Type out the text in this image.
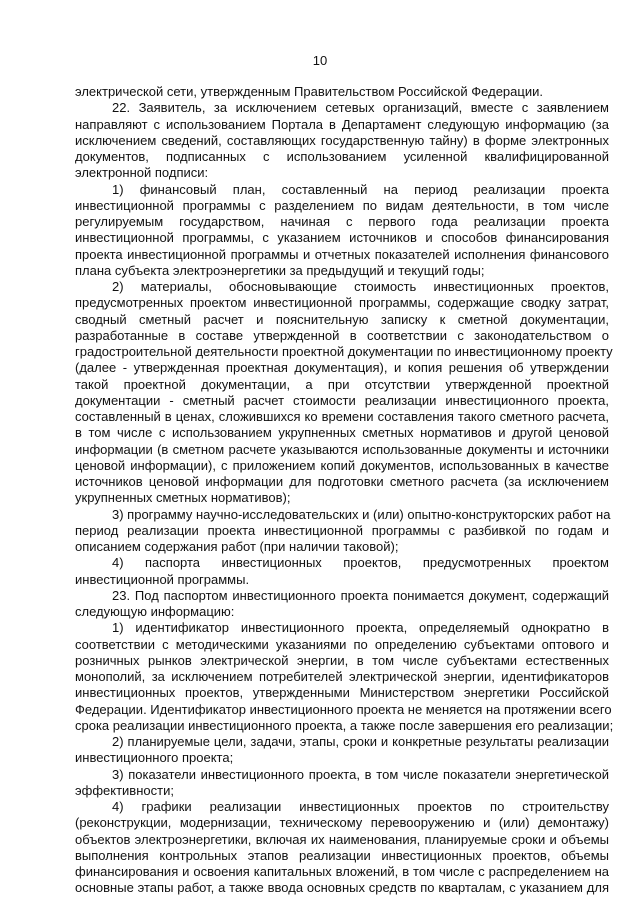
10
электрической сети, утвержденным Правительством Российской Федерации.
22. Заявитель, за исключением сетевых организаций, вместе с заявлением
направляют с использованием Портала в Департамент следующую информацию (за
исключением сведений, составляющих государственную тайну) в форме электронных
документов, подписанных с использованием усиленной квалифицированной
электронной подписи:
1) финансовый план, составленный на период реализации проекта
инвестиционной программы с разделением по видам деятельности, в том числе
регулируемым государством, начиная с первого года реализации проекта
инвестиционной программы, с указанием источников и способов финансирования
проекта инвестиционной программы и отчетных показателей исполнения финансового
плана субъекта электроэнергетики за предыдущий и текущий годы;
2) материалы, обосновывающие стоимость инвестиционных проектов,
предусмотренных проектом инвестиционной программы, содержащие сводку затрат,
сводный сметный расчет и пояснительную записку к сметной документации,
разработанные в составе утвержденной в соответствии с законодательством о
градостроительной деятельности проектной документации по инвестиционному проекту
(далее - утвержденная проектная документация), и копия решения об утверждении
такой проектной документации, а при отсутствии утвержденной проектной
документации - сметный расчет стоимости реализации инвестиционного проекта,
составленный в ценах, сложившихся ко времени составления такого сметного расчета,
в том числе с использованием укрупненных сметных нормативов и другой ценовой
информации (в сметном расчете указываются использованные документы и источники
ценовой информации), с приложением копий документов, использованных в качестве
источников ценовой информации для подготовки сметного расчета (за исключением
укрупненных сметных нормативов);
3) программу научно-исследовательских и (или) опытно-конструкторских работ на
период реализации проекта инвестиционной программы с разбивкой по годам и
описанием содержания работ (при наличии таковой);
4) паспорта инвестиционных проектов, предусмотренных проектом
инвестиционной программы.
23. Под паспортом инвестиционного проекта понимается документ, содержащий
следующую информацию:
1) идентификатор инвестиционного проекта, определяемый однократно в
соответствии с методическими указаниями по определению субъектами оптового и
розничных рынков электрической энергии, в том числе субъектами естественных
монополий, за исключением потребителей электрической энергии, идентификаторов
инвестиционных проектов, утвержденными Министерством энергетики Российской
Федерации. Идентификатор инвестиционного проекта не меняется на протяжении всего
срока реализации инвестиционного проекта, а также после завершения его реализации;
2) планируемые цели, задачи, этапы, сроки и конкретные результаты реализации
инвестиционного проекта;
3) показатели инвестиционного проекта, в том числе показатели энергетической
эффективности;
4) графики реализации инвестиционных проектов по строительству
(реконструкции, модернизации, техническому перевооружению и (или) демонтажу)
объектов электроэнергетики, включая их наименования, планируемые сроки и объемы
выполнения контрольных этапов реализации инвестиционных проектов, объемы
финансирования и освоения капитальных вложений, в том числе с распределением на
основные этапы работ, а также ввода основных средств по кварталам, с указанием для
